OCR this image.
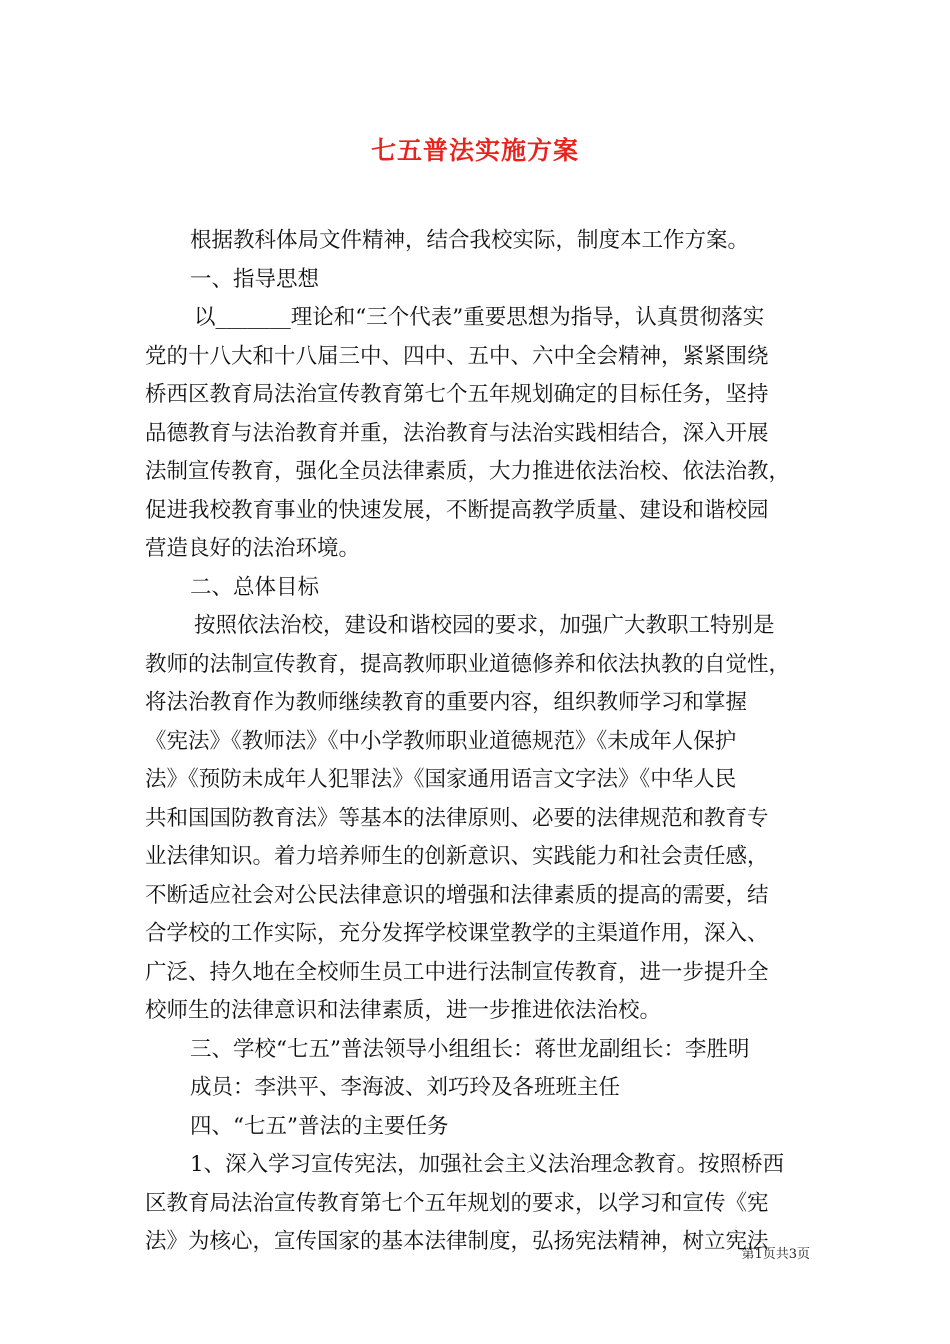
七五普法实施方案
根据教科体局文件精神，结合我校实际，制度本工作方案。
一、指导思想
以_______理论和“三个代表”重要思想为指导，认真贯彻落实
党的十八大和十八届三中、四中、五中、六中全会精神，紧紧围绕
桥西区教育局法治宣传教育第七个五年规划确定的目标任务，坚持
品德教育与法治教育并重，法治教育与法治实践相结合，深入开展
法制宣传教育，强化全员法律素质，大力推进依法治校、依法治教，
促进我校教育事业的快速发展，不断提高教学质量、建设和谐校园
营造良好的法治环境。
二、总体目标
按照依法治校，建设和谐校园的要求，加强广大教职工特别是
教师的法制宣传教育，提高教师职业道德修养和依法执教的自觉性，
将法治教育作为教师继续教育的重要内容，组织教师学习和掌握
《宪法》《教师法》《中小学教师职业道德规范》《未成年人保护
法》《预防未成年人犯罪法》《国家通用语言文字法》《中华人民
共和国国防教育法》等基本的法律原则、必要的法律规范和教育专
业法律知识。着力培养师生的创新意识、实践能力和社会责任感，
不断适应社会对公民法律意识的增强和法律素质的提高的需要，结
合学校的工作实际，充分发挥学校课堂教学的主渠道作用，深入、
广泛、持久地在全校师生员工中进行法制宣传教育，进一步提升全
校师生的法律意识和法律素质，进一步推进依法治校。
三、学校“七五”普法领导小组组长：蒋世龙副组长：李胜明
成员：李洪平、李海波、刘巧玲及各班班主任
四、“七五”普法的主要任务
1、深入学习宣传宪法，加强社会主义法治理念教育。按照桥西
区教育局法治宣传教育第七个五年规划的要求，以学习和宣传《宪
法》为核心，宣传国家的基本法律制度，弘扬宪法精神，树立宪法
第1页共3页
